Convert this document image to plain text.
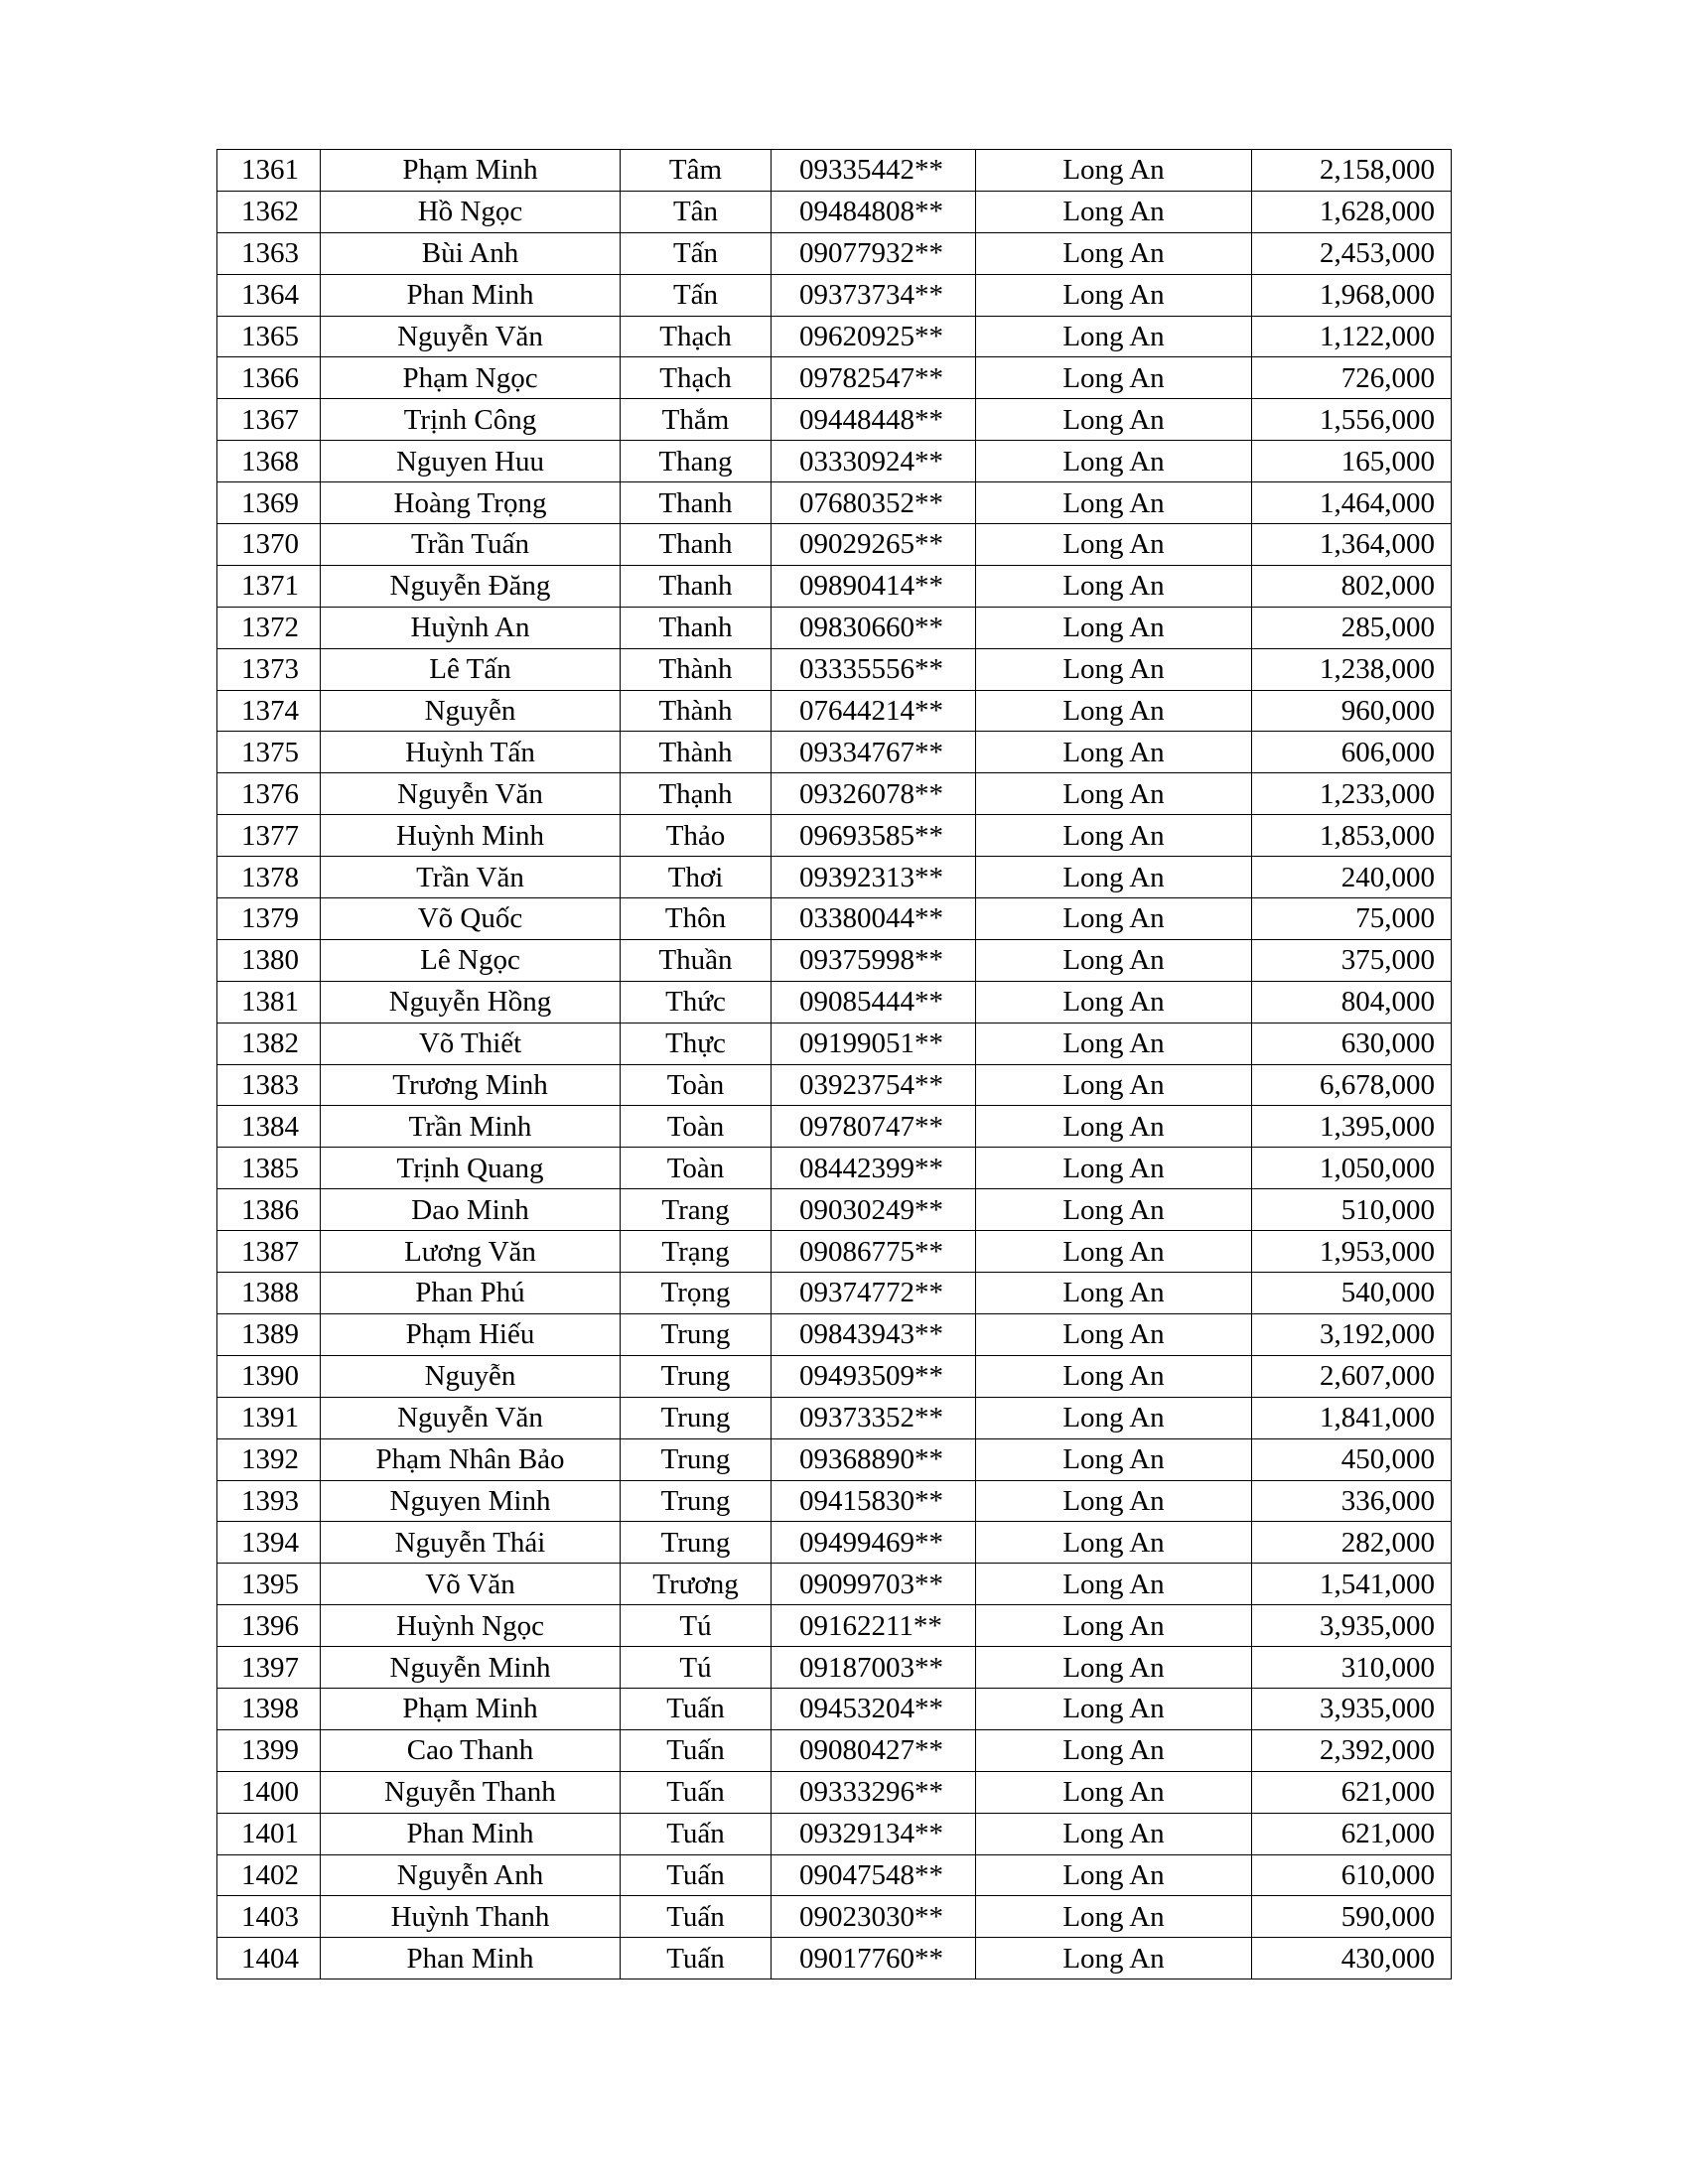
1361	Phạm Minh	Tâm	09335442**	Long An	2,158,000
1362	Hồ Ngọc	Tân	09484808**	Long An	1,628,000
1363	Bùi Anh	Tấn	09077932**	Long An	2,453,000
1364	Phan Minh	Tấn	09373734**	Long An	1,968,000
1365	Nguyễn Văn	Thạch	09620925**	Long An	1,122,000
1366	Phạm Ngọc	Thạch	09782547**	Long An	726,000
1367	Trịnh Công	Thắm	09448448**	Long An	1,556,000
1368	Nguyen Huu	Thang	03330924**	Long An	165,000
1369	Hoàng Trọng	Thanh	07680352**	Long An	1,464,000
1370	Trần Tuấn	Thanh	09029265**	Long An	1,364,000
1371	Nguyễn Đăng	Thanh	09890414**	Long An	802,000
1372	Huỳnh An	Thanh	09830660**	Long An	285,000
1373	Lê Tấn	Thành	03335556**	Long An	1,238,000
1374	Nguyễn	Thành	07644214**	Long An	960,000
1375	Huỳnh Tấn	Thành	09334767**	Long An	606,000
1376	Nguyễn Văn	Thạnh	09326078**	Long An	1,233,000
1377	Huỳnh Minh	Thảo	09693585**	Long An	1,853,000
1378	Trần Văn	Thơi	09392313**	Long An	240,000
1379	Võ Quốc	Thôn	03380044**	Long An	75,000
1380	Lê Ngọc	Thuần	09375998**	Long An	375,000
1381	Nguyễn Hồng	Thức	09085444**	Long An	804,000
1382	Võ Thiết	Thực	09199051**	Long An	630,000
1383	Trương Minh	Toàn	03923754**	Long An	6,678,000
1384	Trần Minh	Toàn	09780747**	Long An	1,395,000
1385	Trịnh Quang	Toàn	08442399**	Long An	1,050,000
1386	Dao Minh	Trang	09030249**	Long An	510,000
1387	Lương Văn	Trạng	09086775**	Long An	1,953,000
1388	Phan Phú	Trọng	09374772**	Long An	540,000
1389	Phạm Hiếu	Trung	09843943**	Long An	3,192,000
1390	Nguyễn	Trung	09493509**	Long An	2,607,000
1391	Nguyễn Văn	Trung	09373352**	Long An	1,841,000
1392	Phạm Nhân Bảo	Trung	09368890**	Long An	450,000
1393	Nguyen Minh	Trung	09415830**	Long An	336,000
1394	Nguyễn Thái	Trung	09499469**	Long An	282,000
1395	Võ Văn	Trương	09099703**	Long An	1,541,000
1396	Huỳnh Ngọc	Tú	09162211**	Long An	3,935,000
1397	Nguyễn Minh	Tú	09187003**	Long An	310,000
1398	Phạm Minh	Tuấn	09453204**	Long An	3,935,000
1399	Cao Thanh	Tuấn	09080427**	Long An	2,392,000
1400	Nguyễn Thanh	Tuấn	09333296**	Long An	621,000
1401	Phan Minh	Tuấn	09329134**	Long An	621,000
1402	Nguyễn Anh	Tuấn	09047548**	Long An	610,000
1403	Huỳnh Thanh	Tuấn	09023030**	Long An	590,000
1404	Phan Minh	Tuấn	09017760**	Long An	430,000
